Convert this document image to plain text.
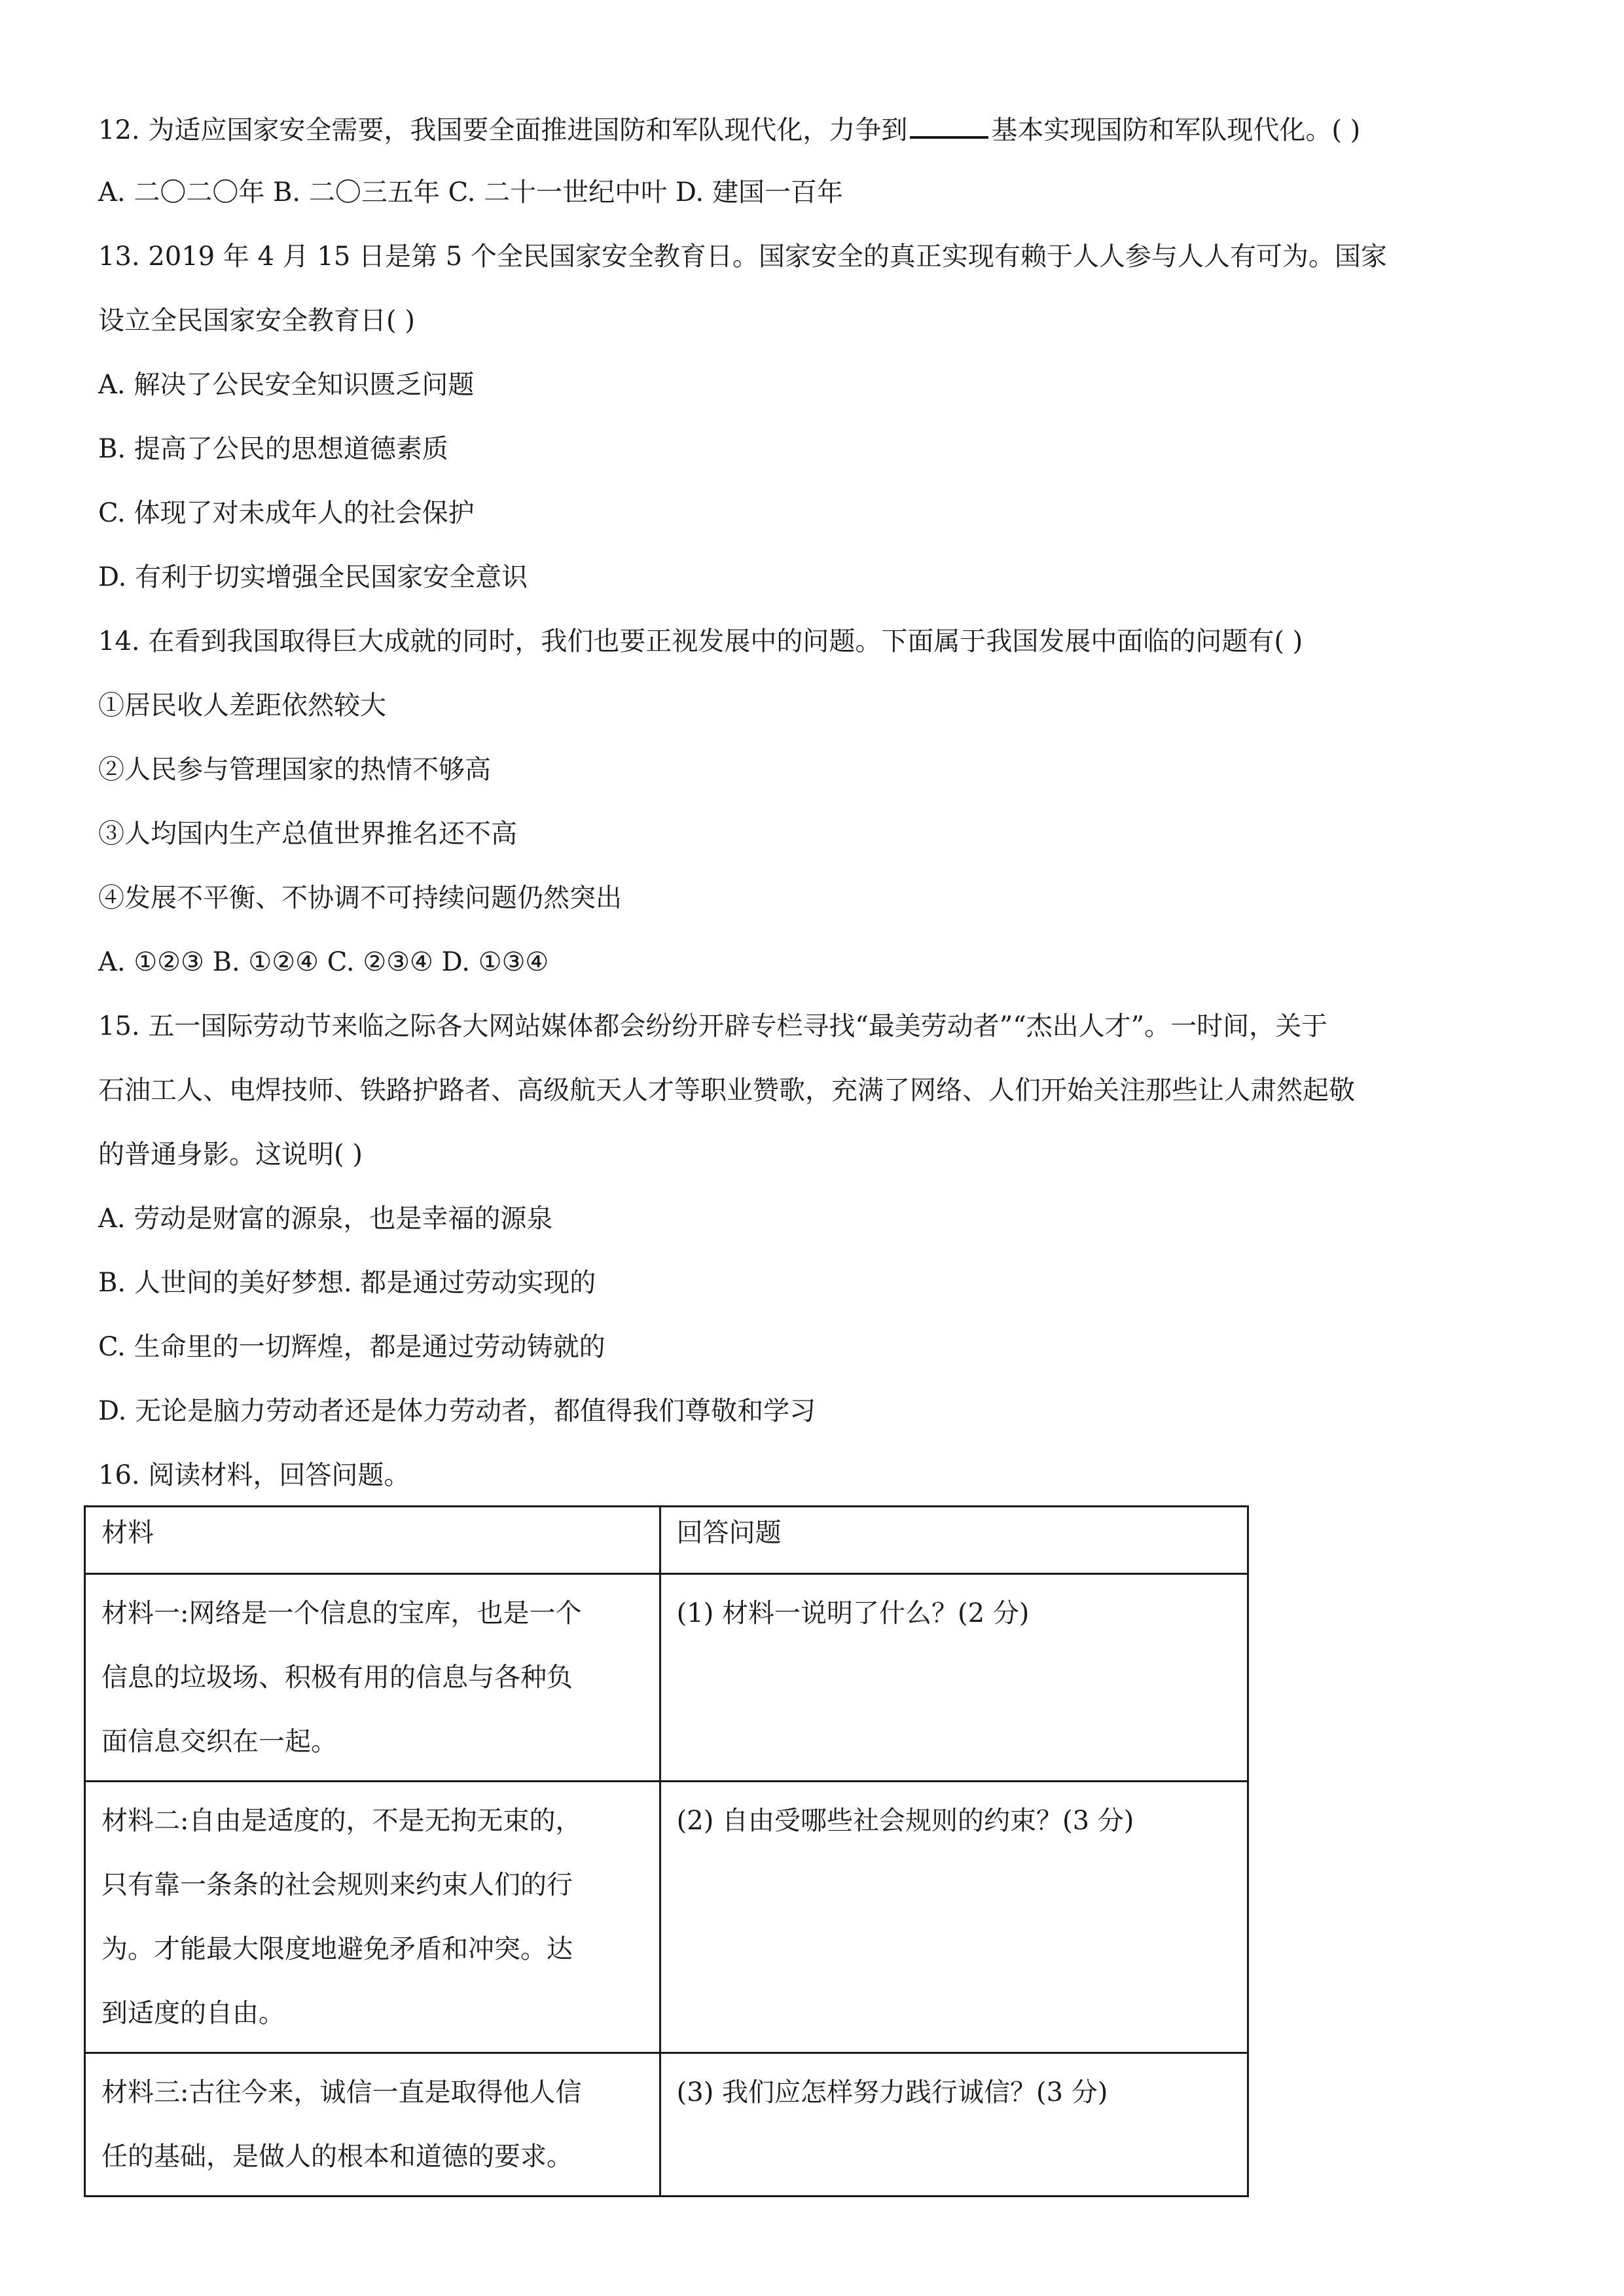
12. 为适应国家安全需要，我国要全面推进国防和军队现代化，力争到	基本实现国防和军队现代化。( )
A. 二〇二〇年 B. 二〇三五年 C. 二十一世纪中叶 D. 建国一百年
13. 2019 年 4 月 15 日是第 5 个全民国家安全教育日。国家安全的真正实现有赖于人人参与人人有可为。国家
设立全民国家安全教育日( )
A. 解决了公民安全知识匮乏问题
B. 提高了公民的思想道德素质
C. 体现了对未成年人的社会保护
D. 有利于切实增强全民国家安全意识
14. 在看到我国取得巨大成就的同时，我们也要正视发展中的问题。下面属于我国发展中面临的问题有( )
①居民收人差距依然较大
②人民参与管理国家的热情不够高
③人均国内生产总值世界推名还不高
④发展不平衡、不协调不可持续问题仍然突出
A. ①②③ B. ①②④ C. ②③④ D. ①③④
15. 五一国际劳动节来临之际各大网站媒体都会纷纷开辟专栏寻找“最美劳动者”“杰出人才”。一时间，关于
石油工人、电焊技师、铁路护路者、高级航天人才等职业赞歌，充满了网络、人们开始关注那些让人肃然起敬
的普通身影。这说明( )
A. 劳动是财富的源泉，也是幸福的源泉
B. 人世间的美好梦想. 都是通过劳动实现的
C. 生命里的一切辉煌，都是通过劳动铸就的
D. 无论是脑力劳动者还是体力劳动者，都值得我们尊敬和学习
16. 阅读材料，回答问题。
材料	回答问题

材料一:网络是一个信息的宝库，也是一个
信息的垃圾场、积极有用的信息与各种负
面信息交织在一起。	(1) 材料一说明了什么？(2 分)

材料二:自由是适度的，不是无拘无束的，
只有靠一条条的社会规则来约束人们的行
为。才能最大限度地避免矛盾和冲突。达
到适度的自由。	(2) 自由受哪些社会规则的约束？(3 分)

材料三:古往今来，诚信一直是取得他人信
任的基础，是做人的根本和道德的要求。	(3) 我们应怎样努力践行诚信？(3 分)
